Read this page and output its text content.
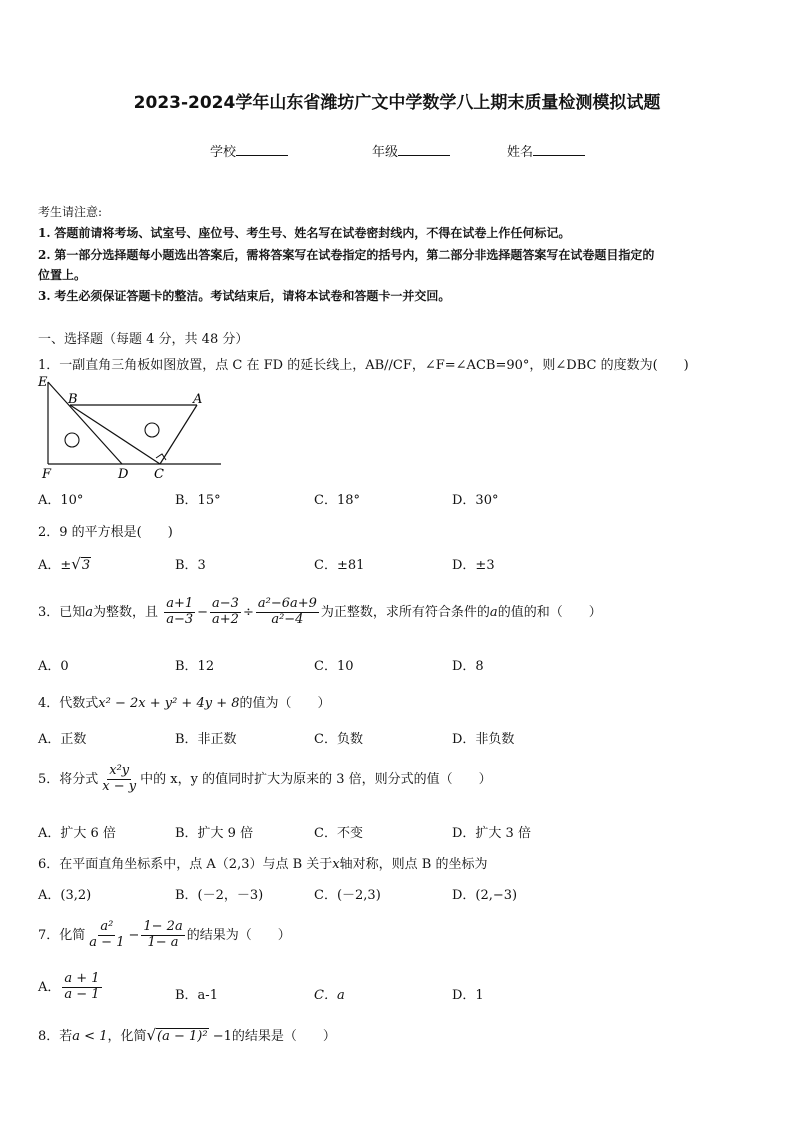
2023-2024学年山东省潍坊广文中学数学八上期末质量检测模拟试题
学校	年级	姓名
考生请注意:
1. 答题前请将考场、试室号、座位号、考生号、姓名写在试卷密封线内，不得在试卷上作任何标记。
2. 第一部分选择题每小题选出答案后，需将答案写在试卷指定的括号内，第二部分非选择题答案写在试卷题目指定的
位置上。
3. 考生必须保证答题卡的整洁。考试结束后，请将本试卷和答题卡一并交回。
一、选择题（每题 4 分，共 48 分）
1．一副直角三角板如图放置，点 C 在 FD 的延长线上，AB//CF，∠F=∠ACB=90°，则∠DBC 的度数为(　　)
E
B	A
F	D C
A．10°	B．15°	C．18°	D．30°
2．9 的平方根是(　　)
A．±√3	B．3	C．±81	D．±3
3．已知a为整数，且 $\frac{a+1}{a-3} - \frac{a-3}{a+2} \div \frac{\text{a²−6a+9}}{\text{a²−4}}$ 为正整数，求所有符合条件的a的值的和（　　）
A．0	B．12	C．10	D．8
4．代数式x² − 2x + y² + 4y + 8的值为（　　）
A．正数	B．非正数	C．负数	D．非负数
5．将分式 $\frac{\text{x²y}}{x - y}$ 中的 x，y 的值同时扩大为原来的 3 倍，则分式的值（　　）
A．扩大 6 倍	B．扩大 9 倍	C．不变	D．扩大 3 倍
6．在平面直角坐标系中，点 A（2,3）与点 B 关于x轴对称，则点 B 的坐标为
A．(3,2)	B．(－2，－3)	C．(－2,3)	D．(2,−3)
7．化简 $\frac{\text{a²}}{a - 1} - \frac{1- 2a}{1- a}$ 的结果为（　　）
A． $\frac{a + 1}{a - 1}$	B．a-1	C．a	D．1
8．若a < 1，化简√(a − 1)² −1的结果是（　　）
